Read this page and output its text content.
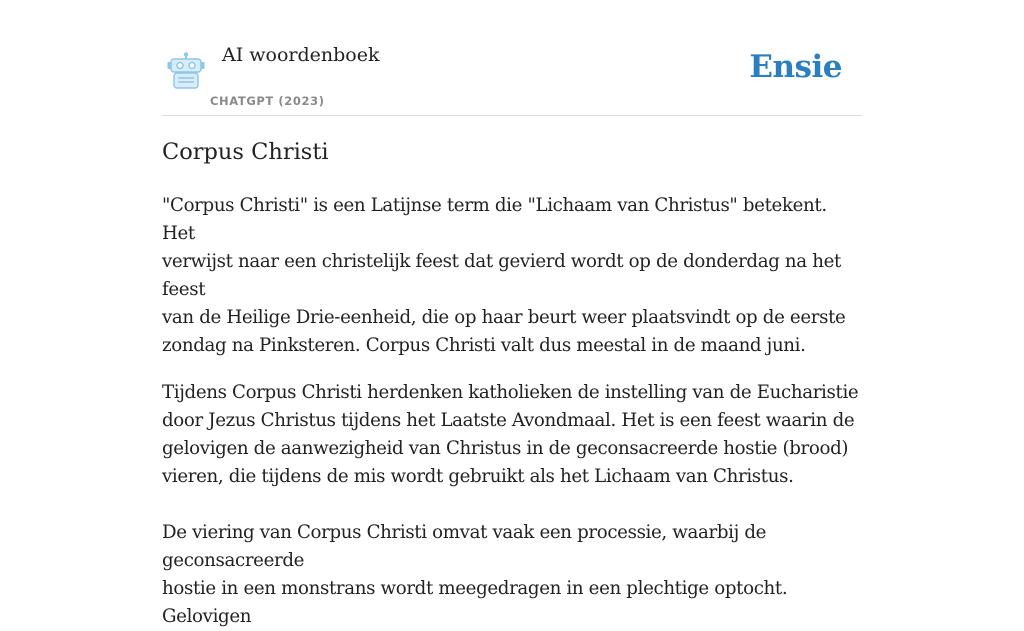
AI woordenboek
CHATGPT (2023)
Ensie
Corpus Christi

"Corpus Christi" is een Latijnse term die "Lichaam van Christus" betekent. Het
verwijst naar een christelijk feest dat gevierd wordt op de donderdag na het feest
van de Heilige Drie-eenheid, die op haar beurt weer plaatsvindt op de eerste
zondag na Pinksteren. Corpus Christi valt dus meestal in de maand juni.

Tijdens Corpus Christi herdenken katholieken de instelling van de Eucharistie
door Jezus Christus tijdens het Laatste Avondmaal. Het is een feest waarin de
gelovigen de aanwezigheid van Christus in de geconsacreerde hostie (brood)
vieren, die tijdens de mis wordt gebruikt als het Lichaam van Christus.

De viering van Corpus Christi omvat vaak een processie, waarbij de geconsacreerde
hostie in een monstrans wordt meegedragen in een plechtige optocht. Gelovigen
